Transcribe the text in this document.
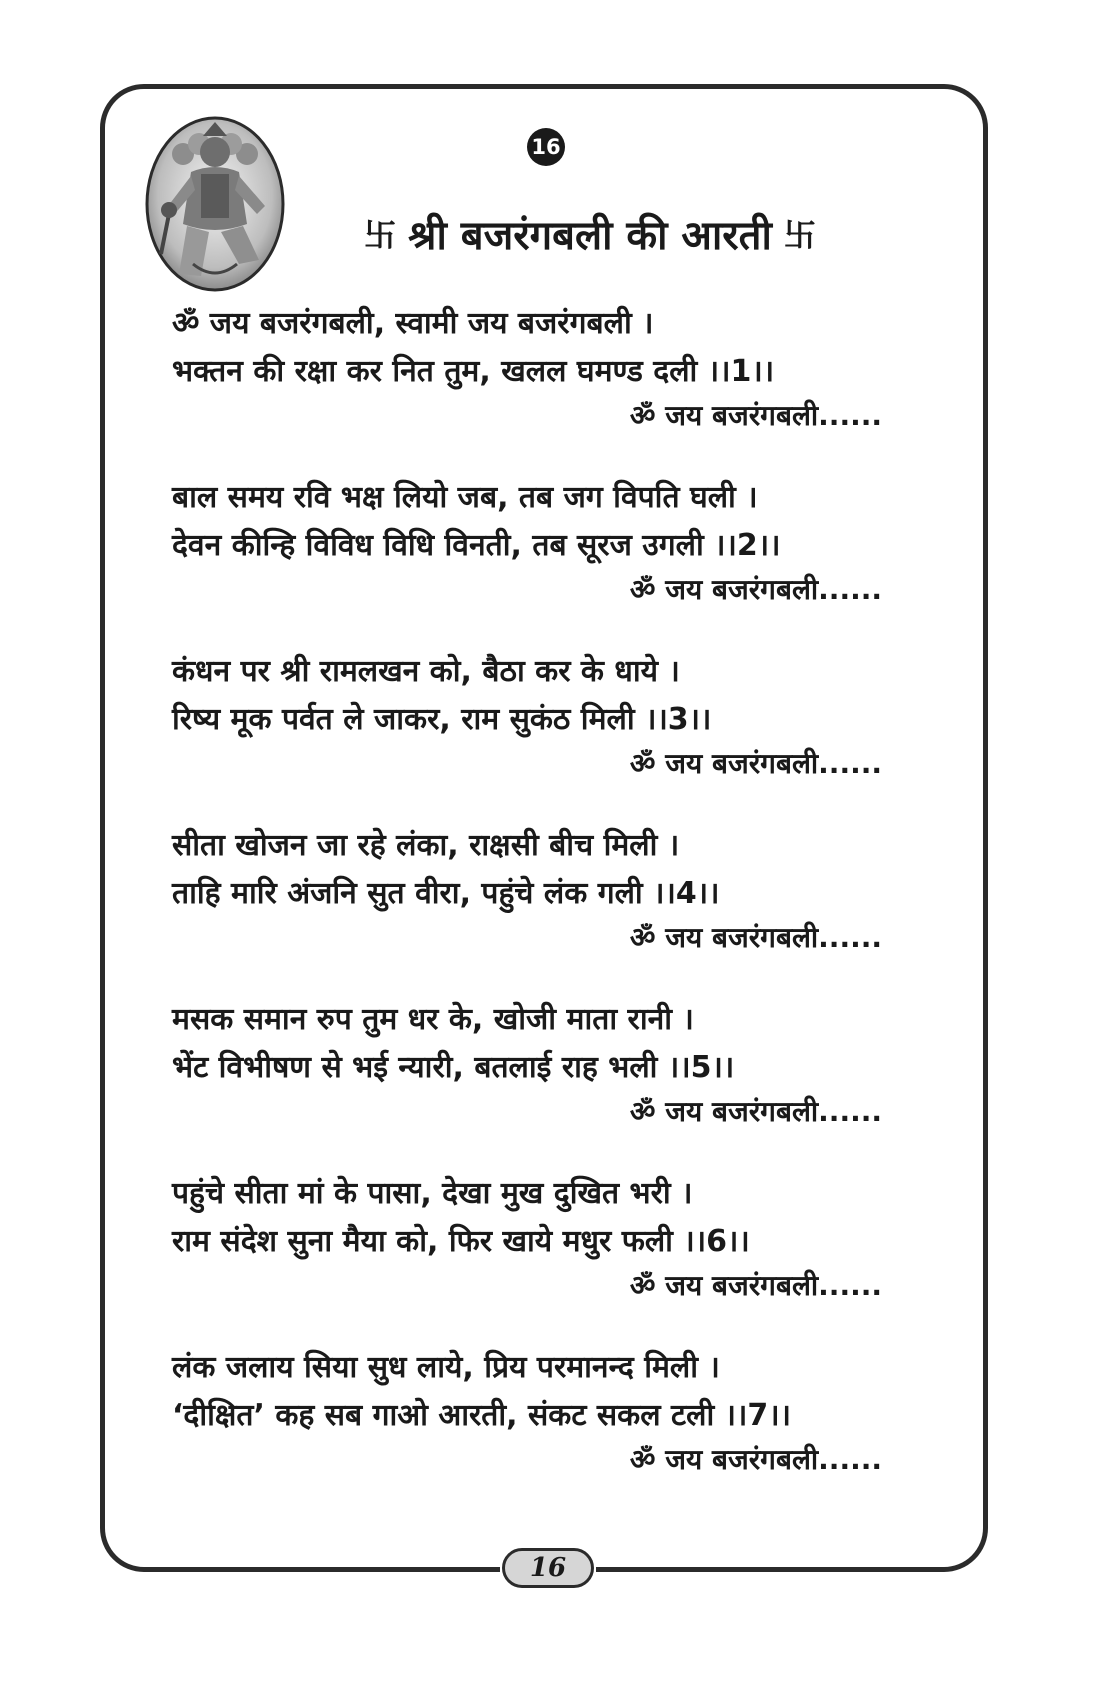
16
卐 श्री बजरंगबली की आरती 卐
ॐ जय बजरंगबली, स्वामी जय बजरंगबली ।
भक्तन की रक्षा कर नित तुम, खलल घमण्ड दली ।।1।।
ॐ जय बजरंगबली......
बाल समय रवि भक्ष लियो जब, तब जग विपति घली ।
देवन कीन्हि विविध विधि विनती, तब सूरज उगली ।।2।।
ॐ जय बजरंगबली......
कंधन पर श्री रामलखन को, बैठा कर के धाये ।
रिष्य मूक पर्वत ले जाकर, राम सुकंठ मिली ।।3।।
ॐ जय बजरंगबली......
सीता खोजन जा रहे लंका, राक्षसी बीच मिली ।
ताहि मारि अंजनि सुत वीरा, पहुंचे लंक गली ।।4।।
ॐ जय बजरंगबली......
मसक समान रुप तुम धर के, खोजी माता रानी ।
भेंट विभीषण से भई न्यारी, बतलाई राह भली ।।5।।
ॐ जय बजरंगबली......
पहुंचे सीता मां के पासा, देखा मुख दुखित भरी ।
राम संदेश सुना मैया को, फिर खाये मधुर फली ।।6।।
ॐ जय बजरंगबली......
लंक जलाय सिया सुध लाये, प्रिय परमानन्द मिली ।
‘दीक्षित’ कह सब गाओ आरती, संकट सकल टली ।।7।।
ॐ जय बजरंगबली......
16
